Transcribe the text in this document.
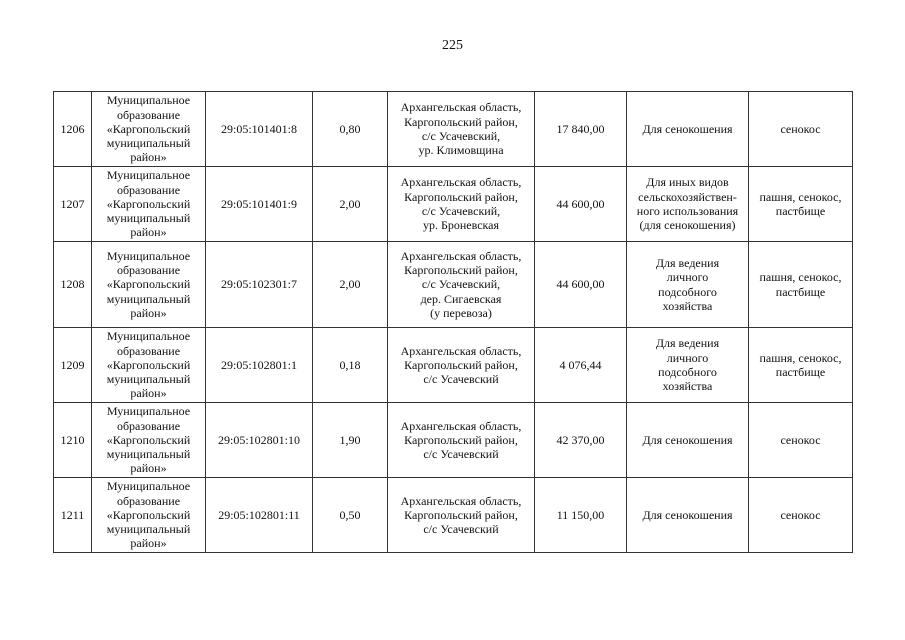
225
1206	Муниципальное
образование
«Каргопольский
муниципальный
район»	29:05:101401:8	0,80	Архангельская область,
Каргопольский район,
с/с Усачевский,
ур. Климовщина	17 840,00	Для сенокошения	сенокос
1207	Муниципальное
образование
«Каргопольский
муниципальный
район»	29:05:101401:9	2,00	Архангельская область,
Каргопольский район,
с/с Усачевский,
ур. Броневская	44 600,00	Для иных видов
сельскохозяйствен-
ного использования
(для сенокошения)	пашня, сенокос,
пастбище
1208	Муниципальное
образование
«Каргопольский
муниципальный
район»	29:05:102301:7	2,00	Архангельская область,
Каргопольский район,
с/с Усачевский,
дер. Сигаевская
(у перевоза)	44 600,00	Для ведения
личного
подсобного
хозяйства	пашня, сенокос,
пастбище
1209	Муниципальное
образование
«Каргопольский
муниципальный
район»	29:05:102801:1	0,18	Архангельская область,
Каргопольский район,
с/с Усачевский	4 076,44	Для ведения
личного
подсобного
хозяйства	пашня, сенокос,
пастбище
1210	Муниципальное
образование
«Каргопольский
муниципальный
район»	29:05:102801:10	1,90	Архангельская область,
Каргопольский район,
с/с Усачевский	42 370,00	Для сенокошения	сенокос
1211	Муниципальное
образование
«Каргопольский
муниципальный
район»	29:05:102801:11	0,50	Архангельская область,
Каргопольский район,
с/с Усачевский	11 150,00	Для сенокошения	сенокос
